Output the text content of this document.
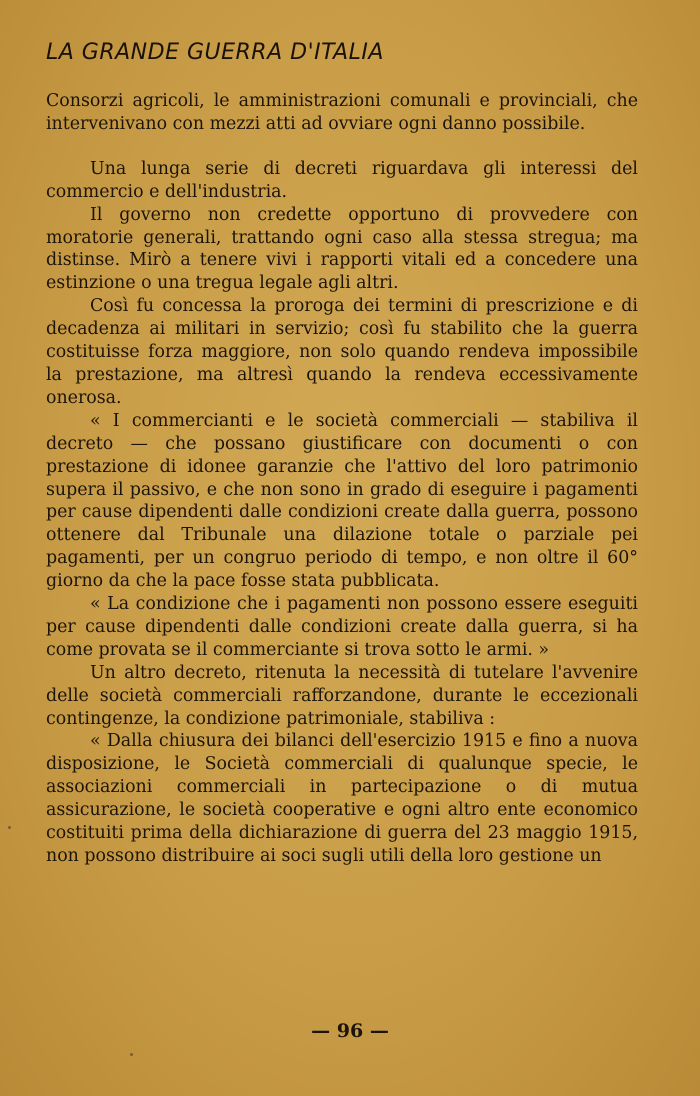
LA GRANDE GUERRA D'ITALIA

Consorzi agricoli, le amministrazioni comunali e provinciali, che intervenivano con mezzi atti ad ovviare ogni danno possibile.

Una lunga serie di decreti riguardava gli interessi del commercio e dell'industria.

Il governo non credette opportuno di provvedere con moratorie generali, trattando ogni caso alla stessa stregua; ma distinse. Mirò a tenere vivi i rapporti vitali ed a concedere una estinzione o una tregua legale agli altri.

Così fu concessa la proroga dei termini di prescrizione e di decadenza ai militari in servizio; così fu stabilito che la guerra costituisse forza maggiore, non solo quando rendeva impossibile la prestazione, ma altresì quando la rendeva eccessivamente onerosa.

« I commercianti e le società commerciali — stabiliva il decreto — che possano giustificare con documenti o con prestazione di idonee garanzie che l'attivo del loro patrimonio supera il passivo, e che non sono in grado di eseguire i pagamenti per cause dipendenti dalle condizioni create dalla guerra, possono ottenere dal Tribunale una dilazione totale o parziale pei pagamenti, per un congruo periodo di tempo, e non oltre il 60° giorno da che la pace fosse stata pubblicata.

« La condizione che i pagamenti non possono essere eseguiti per cause dipendenti dalle condizioni create dalla guerra, si ha come provata se il commerciante si trova sotto le armi. »

Un altro decreto, ritenuta la necessità di tutelare l'avvenire delle società commerciali rafforzandone, durante le eccezionali contingenze, la condizione patrimoniale, stabiliva :

« Dalla chiusura dei bilanci dell'esercizio 1915 e fino a nuova disposizione, le Società commerciali di qualunque specie, le associazioni commerciali in partecipazione o di mutua assicurazione, le società cooperative e ogni altro ente economico costituiti prima della dichiarazione di guerra del 23 maggio 1915, non possono distribuire ai soci sugli utili della loro gestione un

— 96 —
